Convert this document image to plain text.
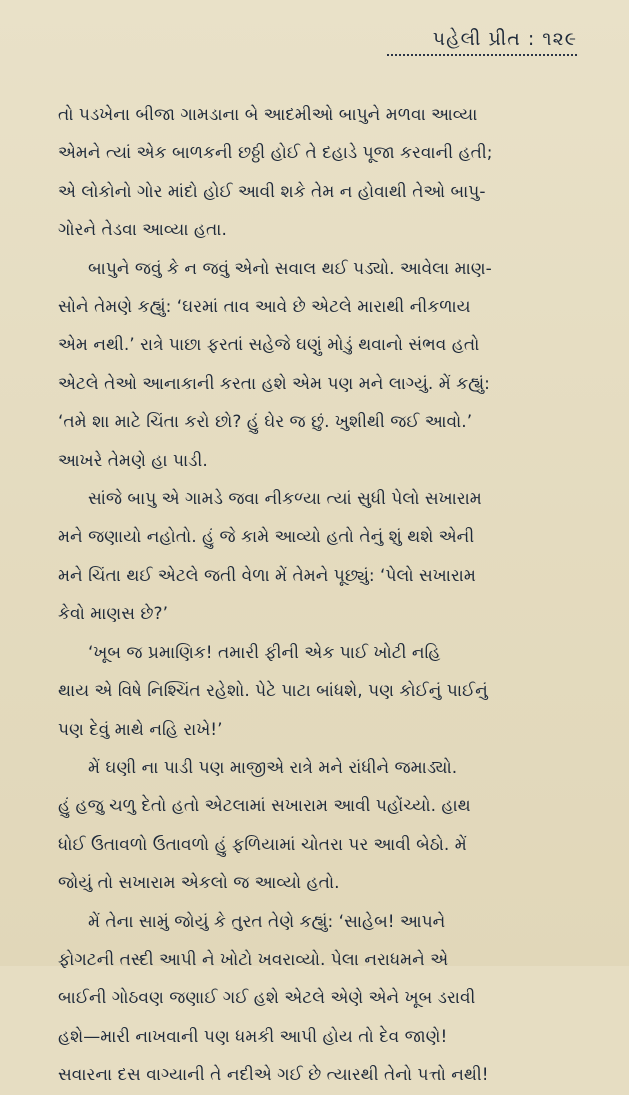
પહેલી પ્રીત : ૧૨૯
તો પડખેના બીજા ગામડાના બે આદમીઓ બાપુને મળવા આવ્યા
એમને ત્યાં એક બાળકની છઠ્ઠી હોઈ તે દહાડે પૂજા કરવાની હતી;
એ લોકોનો ગોર માંદો હોઈ આવી શકે તેમ ન હોવાથી તેઓ બાપુ-
ગોરને તેડવા આવ્યા હતા.
બાપુને જવું કે ન જવું એનો સવાલ થઈ પડ્યો. આવેલા માણ-
સોને તેમણે કહ્યું: ‘ઘરમાં તાવ આવે છે એટલે મારાથી નીકળાય
એમ નથી.’ રાત્રે પાછા ફરતાં સહેજે ઘણું મોડું થવાનો સંભવ હતો
એટલે તેઓ આનાકાની કરતા હશે એમ પણ મને લાગ્યું. મેં કહ્યું:
‘તમે શા માટે ચિંતા કરો છો? હું ઘેર જ છું. ખુશીથી જઈ આવો.’
આખરે તેમણે હા પાડી.
સાંજે બાપુ એ ગામડે જવા નીકળ્યા ત્યાં સુધી પેલો સખારામ
મને જણાયો નહોતો. હું જે કામે આવ્યો હતો તેનું શું થશે એની
મને ચિંતા થઈ એટલે જતી વેળા મેં તેમને પૂછ્યું: ‘પેલો સખારામ
કેવો માણસ છે?’
‘ખૂબ જ પ્રમાણિક! તમારી ફીની એક પાઈ ખોટી નહિ
થાય એ વિષે નિશ્ચિંત રહેશો. પેટે પાટા બાંધશે, પણ કોઈનું પાઈનું
પણ દેવું માથે નહિ રાખે!’
મેં ઘણી ના પાડી પણ માજીએ રાત્રે મને રાંધીને જમાડ્યો.
હું હજુ ચળુ દેતો હતો એટલામાં સખારામ આવી પહોંચ્યો. હાથ
ધોઈ ઉતાવળો ઉતાવળો હું ફળિયામાં ચોતરા પર આવી બેઠો. મેં
જોયું તો સખારામ એકલો જ આવ્યો હતો.
મેં તેના સામું જોયું કે તુરત તેણે કહ્યું: ‘સાહેબ! આપને
ફોગટની તસ્દી આપી ને ખોટો ખવરાવ્યો. પેલા નરાધમને એ
બાઈની ગોઠવણ જણાઈ ગઈ હશે એટલે એણે એને ખૂબ ડરાવી
હશે—મારી નાખવાની પણ ધમકી આપી હોય તો દેવ જાણે!
સવારના દસ વાગ્યાની તે નદીએ ગઈ છે ત્યારથી તેનો પત્તો નથી!
